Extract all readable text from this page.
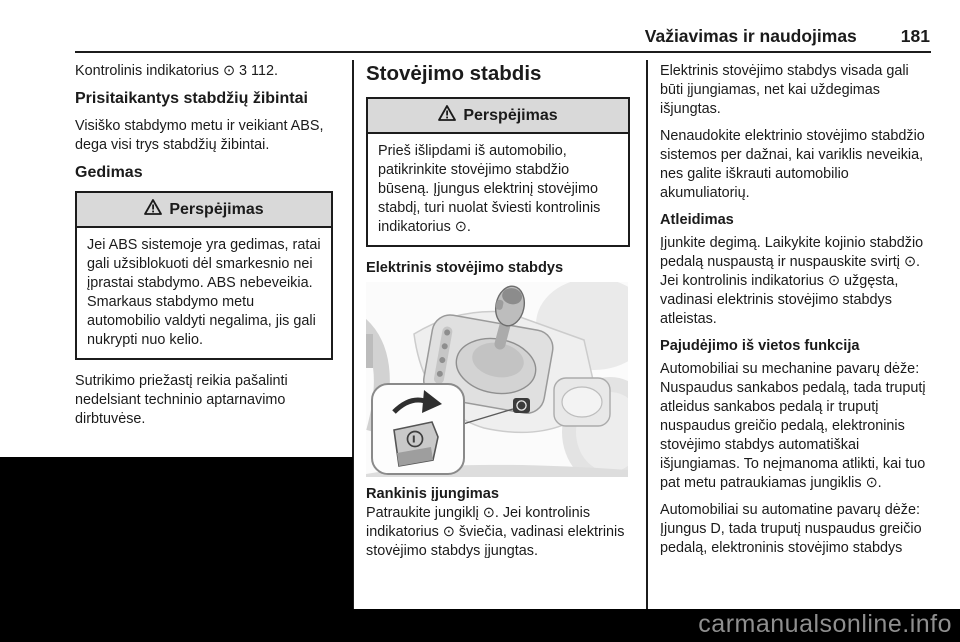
Važiavimas ir naudojimas	181

Kontrolinis indikatorius ⊙ 3 112.

Prisitaikantys stabdžių žibintai

Visiško stabdymo metu ir veikiant ABS, dega visi trys stabdžių žibintai.

Gedimas
Perspėjimas

Jei ABS sistemoje yra gedimas, ratai gali užsiblokuoti dėl smarkesnio nei įprastai stabdymo. ABS nebeveikia. Smarkaus stabdymo metu automobilio valdyti negalima, jis gali nukrypti nuo kelio.

Sutrikimo priežastį reikia pašalinti nedelsiant techninio aptarnavimo dirbtuvėse.

Stovėjimo stabdis
Perspėjimas

Prieš išlipdami iš automobilio, patikrinkite stovėjimo stabdžio būseną. Įjungus elektrinį stovėjimo stabdį, turi nuolat šviesti kontrolinis indikatorius ⊙.

Elektrinis stovėjimo stabdys
Rankinis įjungimas

Patraukite jungiklį ⊙. Jei kontrolinis indikatorius ⊙ šviečia, vadinasi elektrinis stovėjimo stabdys įjungtas.

Elektrinis stovėjimo stabdys visada gali būti įjungiamas, net kai uždegimas išjungtas.

Nenaudokite elektrinio stovėjimo stabdžio sistemos per dažnai, kai variklis neveikia, nes galite iškrauti automobilio akumuliatorių.

Atleidimas

Įjunkite degimą. Laikykite kojinio stabdžio pedalą nuspaustą ir nuspauskite svirtį ⊙. Jei kontrolinis indikatorius ⊙ užgęsta, vadinasi elektrinis stovėjimo stabdys atleistas.

Pajudėjimo iš vietos funkcija

Automobiliai su mechanine pavarų dėže: Nuspaudus sankabos pedalą, tada truputį atleidus sankabos pedalą ir truputį nuspaudus greičio pedalą, elektroninis stovėjimo stabdys automatiškai išjungiamas. To neįmanoma atlikti, kai tuo pat metu patraukiamas jungiklis ⊙.

Automobiliai su automatine pavarų dėže: Įjungus D, tada truputį nuspaudus greičio pedalą, elektroninis stovėjimo stabdys

carmanualsonline.info
